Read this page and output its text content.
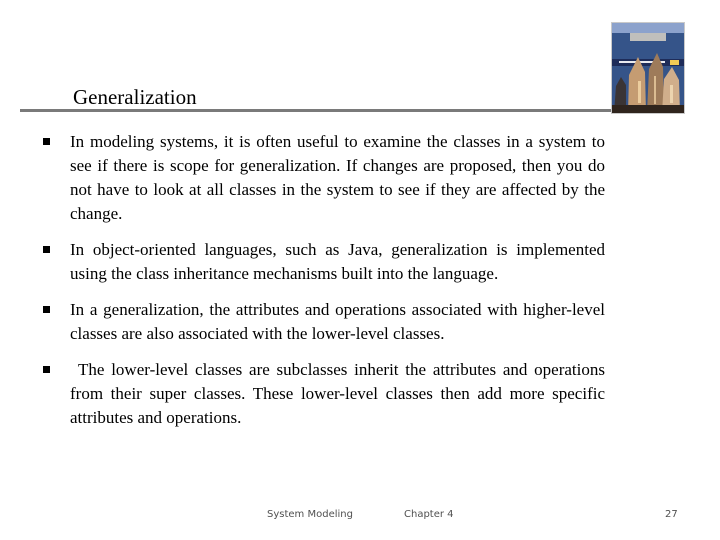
Generalization
In modeling systems, it is often useful to examine the classes in a system to see if there is scope for generalization. If changes are proposed, then you do not have to look at all classes in the system to see if they are affected by the change.
In object-oriented languages, such as Java, generalization is implemented using the class inheritance mechanisms built into the language.
In a generalization, the attributes and operations associated with higher-level classes are also associated with the lower-level classes.
The lower-level classes are subclasses inherit the attributes and operations from their super classes. These lower-level classes then add more specific attributes and operations.
System Modeling	Chapter 4	27
